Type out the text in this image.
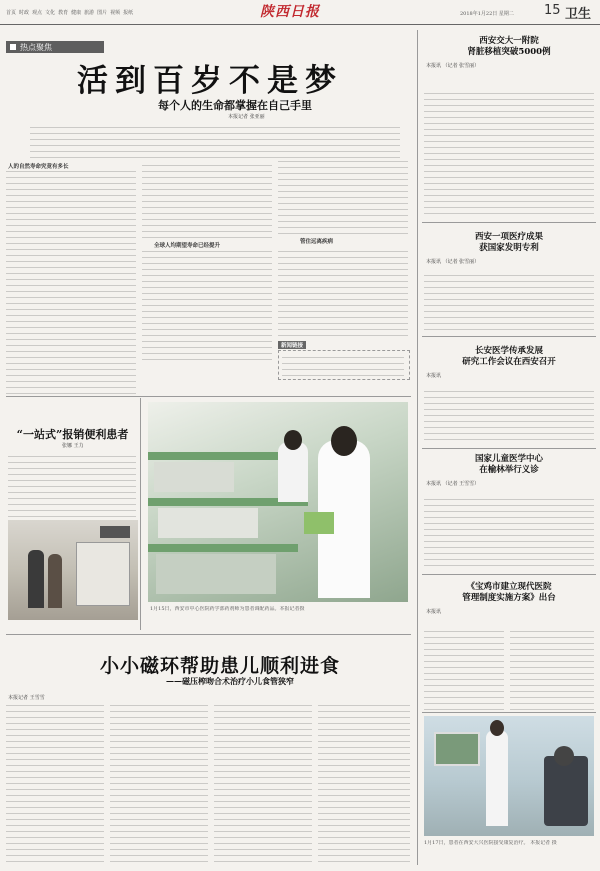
首页 时政 观点 文化 教育 健康 旅游 图片 视频 报纸	陕西日报	2018年1月22日 星期二 15 卫生
热点聚焦
活到百岁不是梦
每个人的生命都掌握在自己手里
本报记者 张亚丽
人的自然寿命究竟有多长
全球人均期望寿命已经提升
管住远离疾病
新闻链接
“一站式”报销便利患者
张娜 王力
1月15日，西安市中心医院药学部药剂师为患者调配药品。本报记者摄
小小磁环帮助患儿顺利进食
——磁压榨吻合术治疗小儿食管狭窄
本报记者 王雪雪
西安交大一附院
肾脏移植突破5000例
本报讯 （记者 张雪丽）
西安一项医疗成果
获国家发明专利
本报讯 （记者 张雪丽）
长安医学传承发展
研究工作会议在西安召开
本报讯
国家儿童医学中心
在榆林举行义诊
本报讯 （记者 王雪雪）
《宝鸡市建立现代医院
管理制度实施方案》出台
本报讯
1月17日，患者在西安大兴医院接受康复治疗。 本报记者 摄
